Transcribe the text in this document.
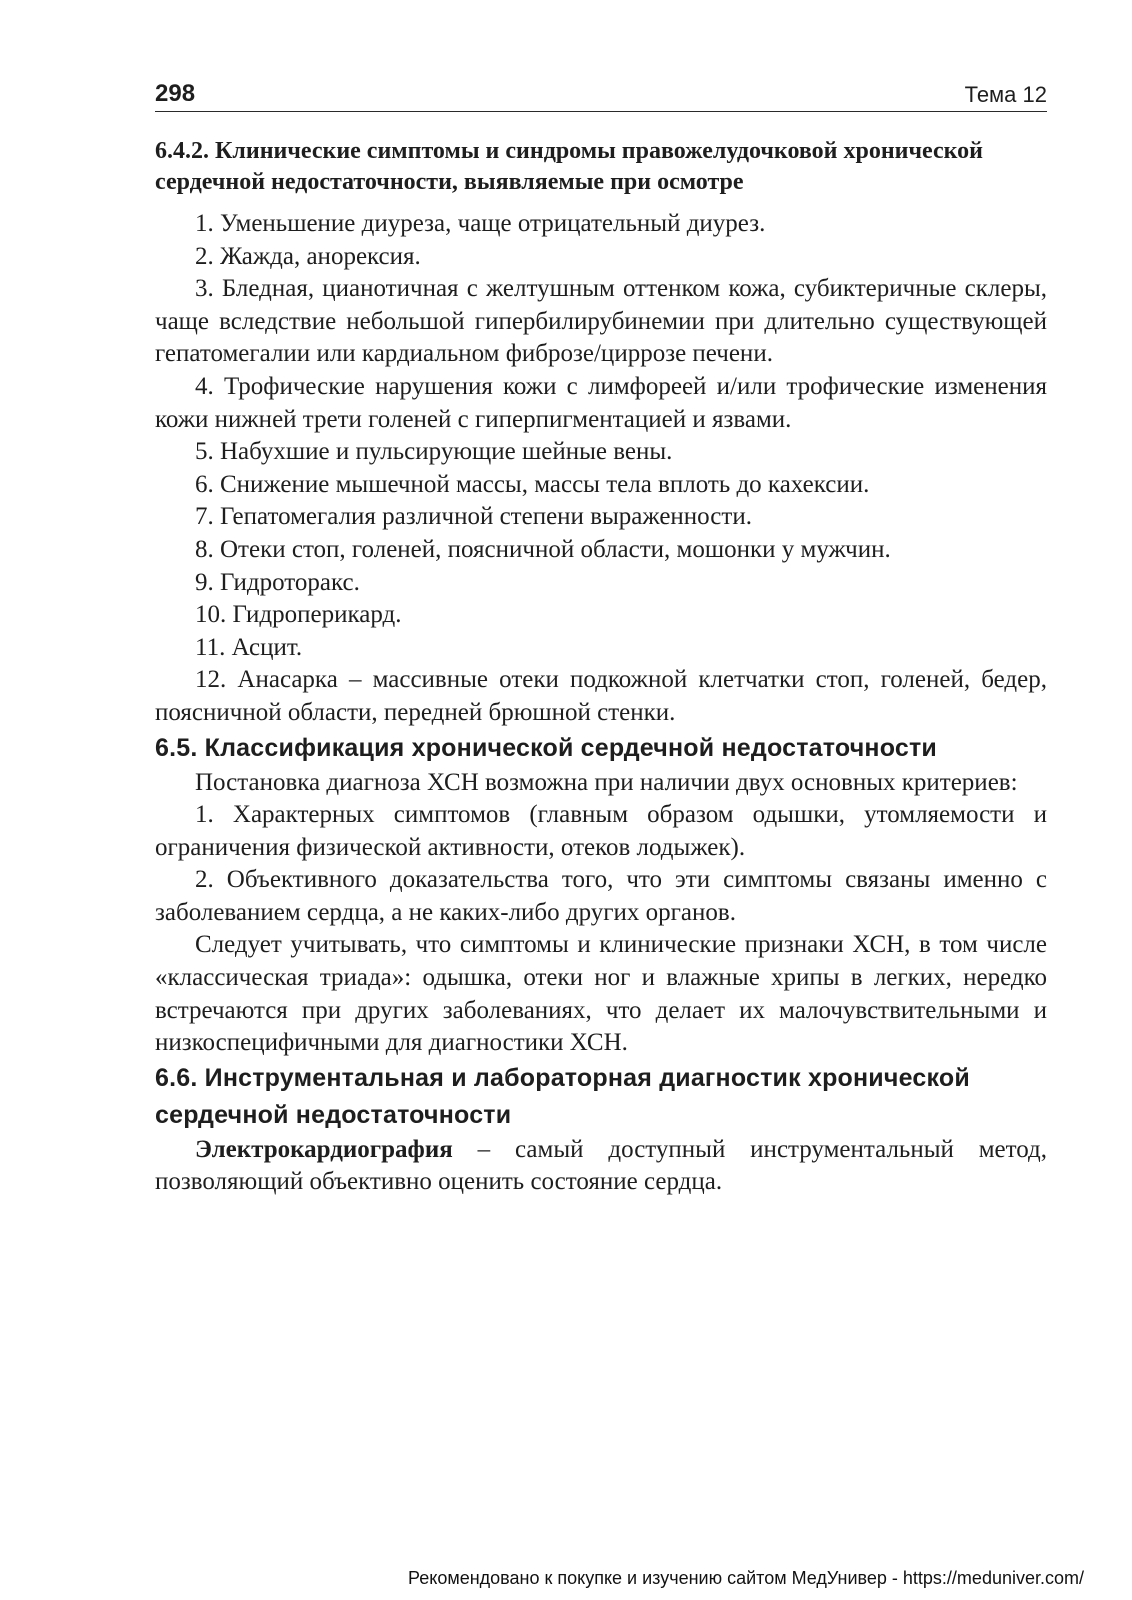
298	Тема 12
6.4.2. Клинические симптомы и синдромы правожелудочковой хронической сердечной недостаточности, выявляемые при осмотре

1. Уменьшение диуреза, чаще отрицательный диурез.

2. Жажда, анорексия.

3. Бледная, цианотичная с желтушным оттенком кожа, субиктеричные склеры, чаще вследствие небольшой гипербилирубинемии при длительно существующей гепатомегалии или кардиальном фиброзе/циррозе печени.

4. Трофические нарушения кожи с лимфореей и/или трофические изменения кожи нижней трети голеней с гиперпигментацией и язвами.

5. Набухшие и пульсирующие шейные вены.

6. Снижение мышечной массы, массы тела вплоть до кахексии.

7. Гепатомегалия различной степени выраженности.

8. Отеки стоп, голеней, поясничной области, мошонки у мужчин.

9. Гидроторакс.

10. Гидроперикард.

11. Асцит.

12. Анасарка – массивные отеки подкожной клетчатки стоп, голеней, бедер, поясничной области, передней брюшной стенки.

6.5. Классификация хронической сердечной недостаточности

Постановка диагноза ХСН возможна при наличии двух основных критериев:

1. Характерных симптомов (главным образом одышки, утомляемости и ограничения физической активности, отеков лодыжек).

2. Объективного доказательства того, что эти симптомы связаны именно с заболеванием сердца, а не каких-либо других органов.

Следует учитывать, что симптомы и клинические признаки ХСН, в том числе «классическая триада»: одышка, отеки ног и влажные хрипы в легких, нередко встречаются при других заболеваниях, что делает их малочувствительными и низкоспецифичными для диагностики ХСН.

6.6. Инструментальная и лабораторная диагностик хронической сердечной недостаточности

Электрокардиография – самый доступный инструментальный метод, позволяющий объективно оценить состояние сердца.

Рекомендовано к покупке и изучению сайтом МедУнивер - https://meduniver.com/
